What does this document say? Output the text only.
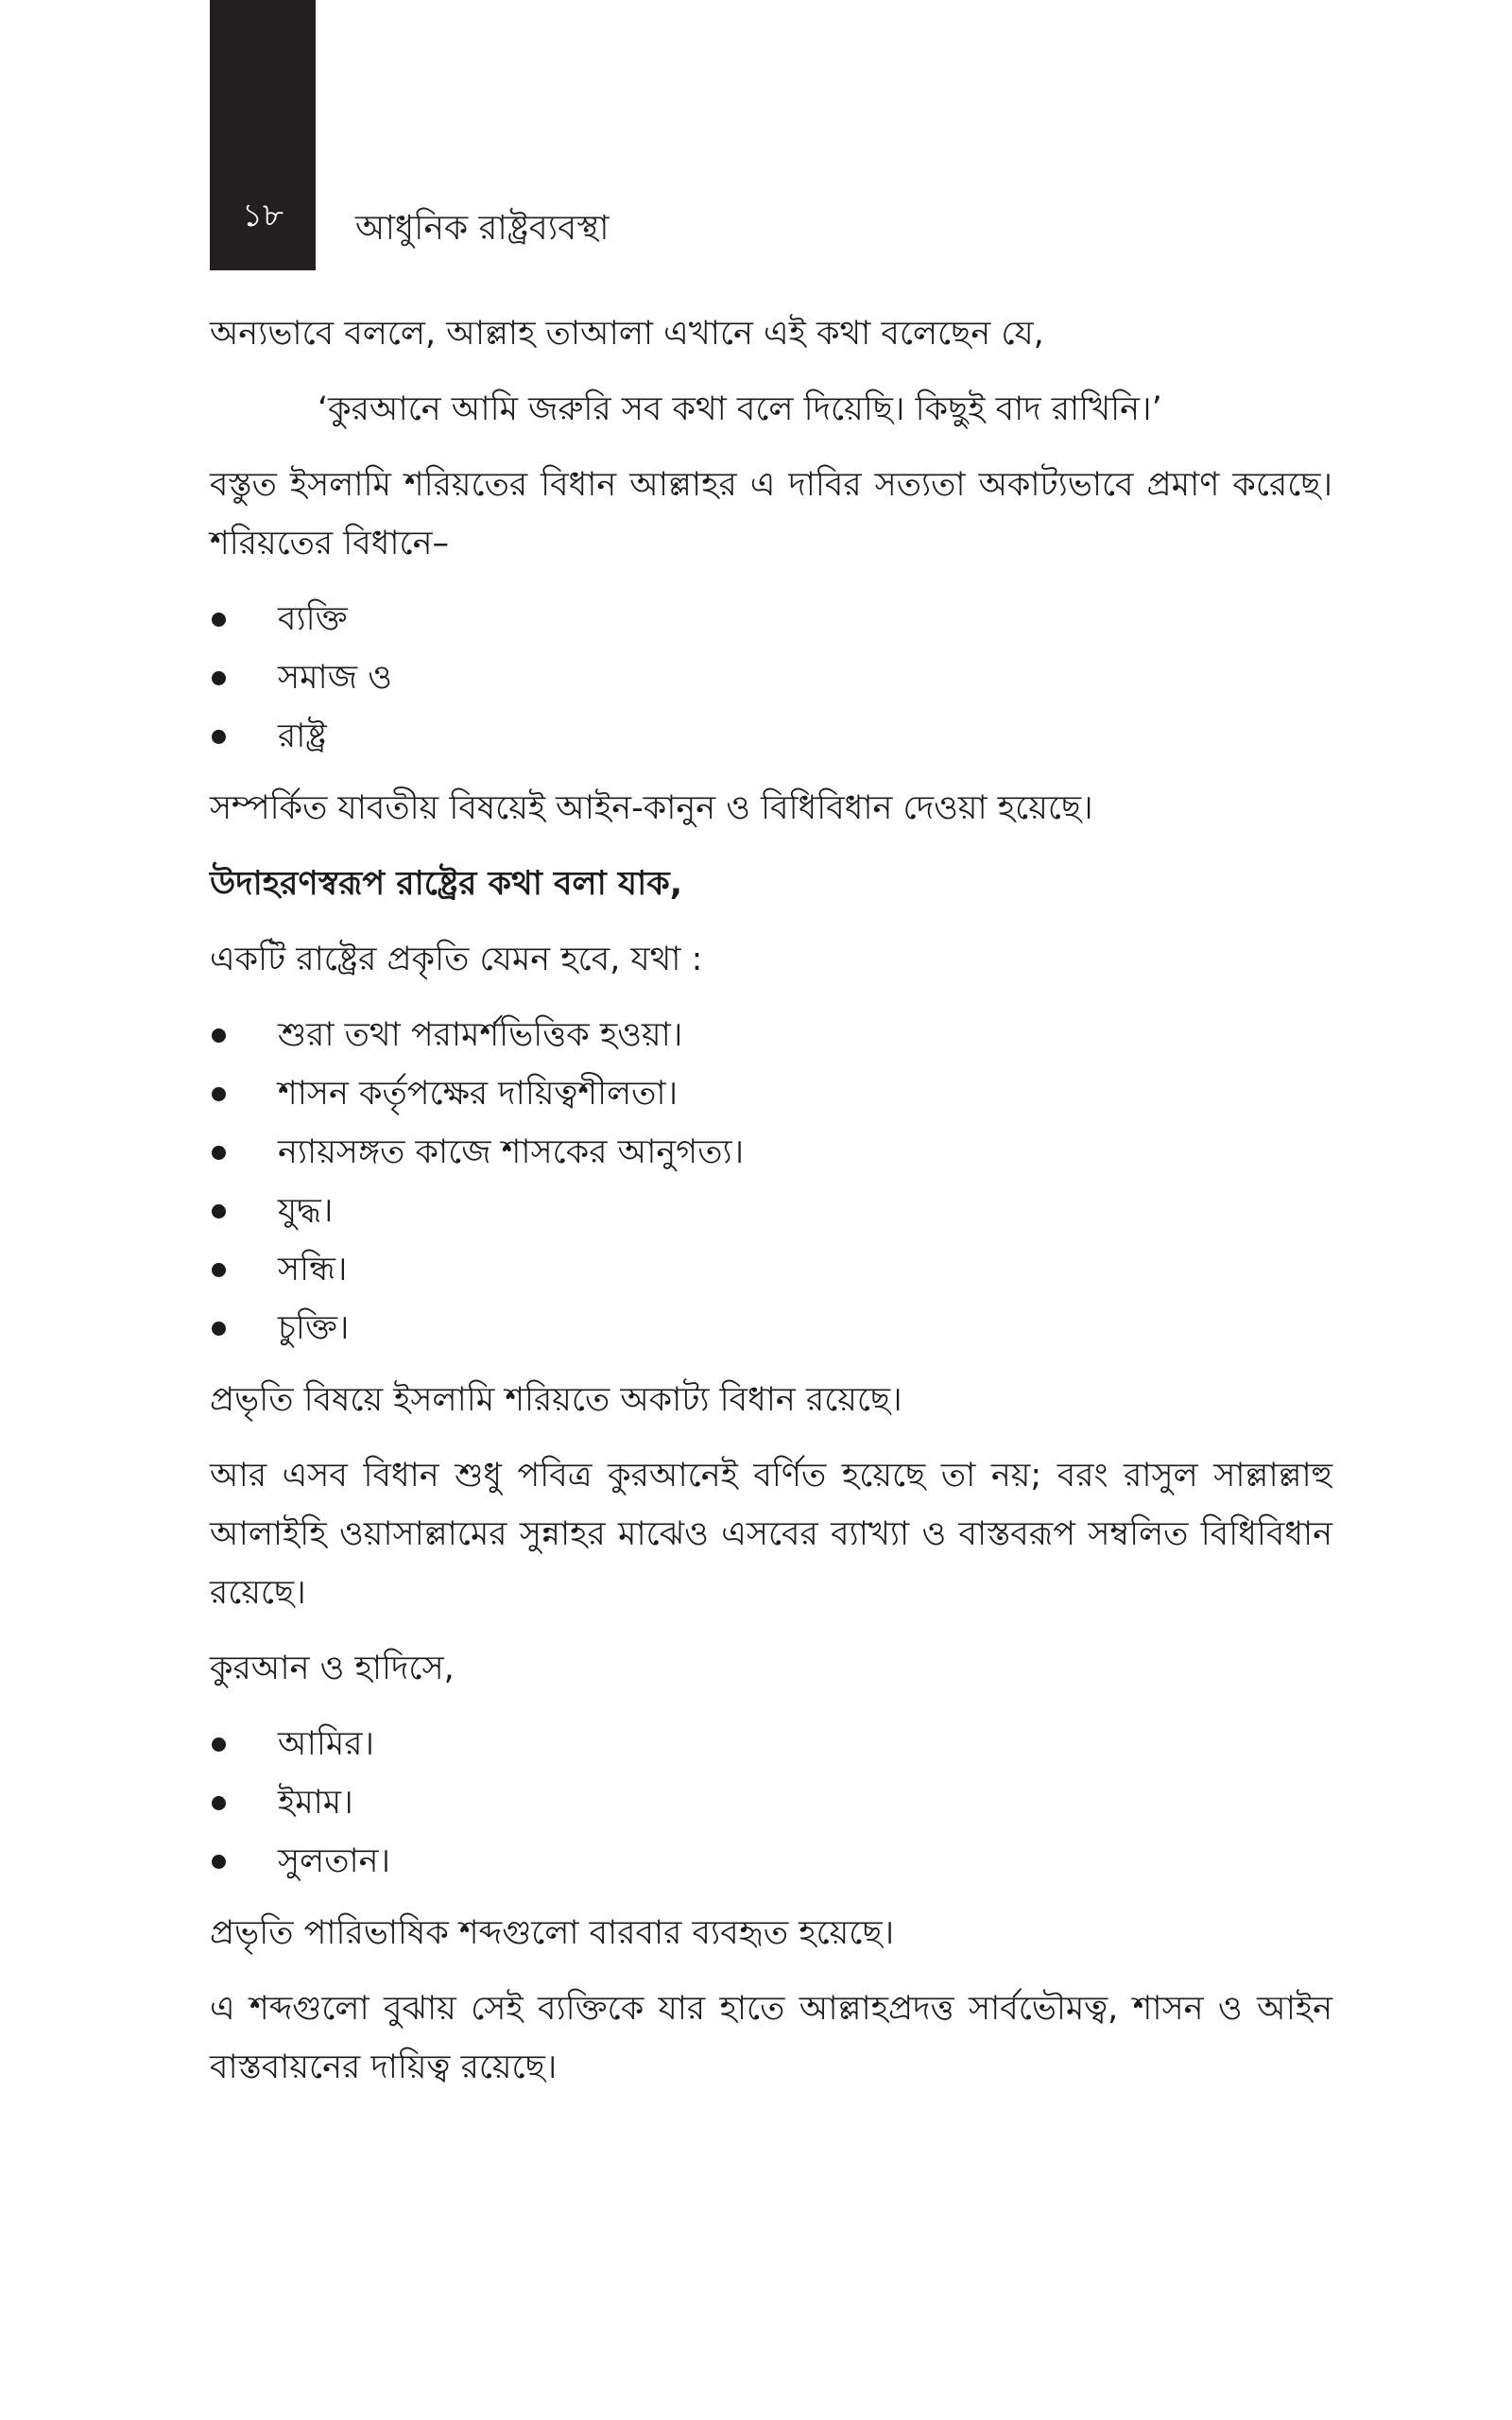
১৮	আধুনিক রাষ্ট্রব্যবস্থা

অন্যভাবে বললে, আল্লাহ তাআলা এখানে এই কথা বলেছেন যে,

‘কুরআনে আমি জরুরি সব কথা বলে দিয়েছি। কিছুই বাদ রাখিনি।’

বস্তুত ইসলামি শরিয়তের বিধান আল্লাহর এ দাবির সত্যতা অকাট্যভাবে প্রমাণ করেছে। শরিয়তের বিধানে–

ব্যক্তি
সমাজ ও
রাষ্ট্র

সম্পর্কিত যাবতীয় বিষয়েই আইন-কানুন ও বিধিবিধান দেওয়া হয়েছে।

উদাহরণস্বরূপ রাষ্ট্রের কথা বলা যাক,

একটি রাষ্ট্রের প্রকৃতি যেমন হবে, যথা :

শুরা তথা পরামর্শভিত্তিক হওয়া।
শাসন কর্তৃপক্ষের দায়িত্বশীলতা।
ন্যায়সঙ্গত কাজে শাসকের আনুগত্য।
যুদ্ধ।
সন্ধি।
চুক্তি।

প্রভৃতি বিষয়ে ইসলামি শরিয়তে অকাট্য বিধান রয়েছে।

আর এসব বিধান শুধু পবিত্র কুরআনেই বর্ণিত হয়েছে তা নয়; বরং রাসুল সাল্লাল্লাহু আলাইহি ওয়াসাল্লামের সুন্নাহর মাঝেও এসবের ব্যাখ্যা ও বাস্তবরূপ সম্বলিত বিধিবিধান রয়েছে।

কুরআন ও হাদিসে,

আমির।
ইমাম।
সুলতান।

প্রভৃতি পারিভাষিক শব্দগুলো বারবার ব্যবহৃত হয়েছে।

এ শব্দগুলো বুঝায় সেই ব্যক্তিকে যার হাতে আল্লাহপ্রদত্ত সার্বভৌমত্ব, শাসন ও আইন বাস্তবায়নের দায়িত্ব রয়েছে।
